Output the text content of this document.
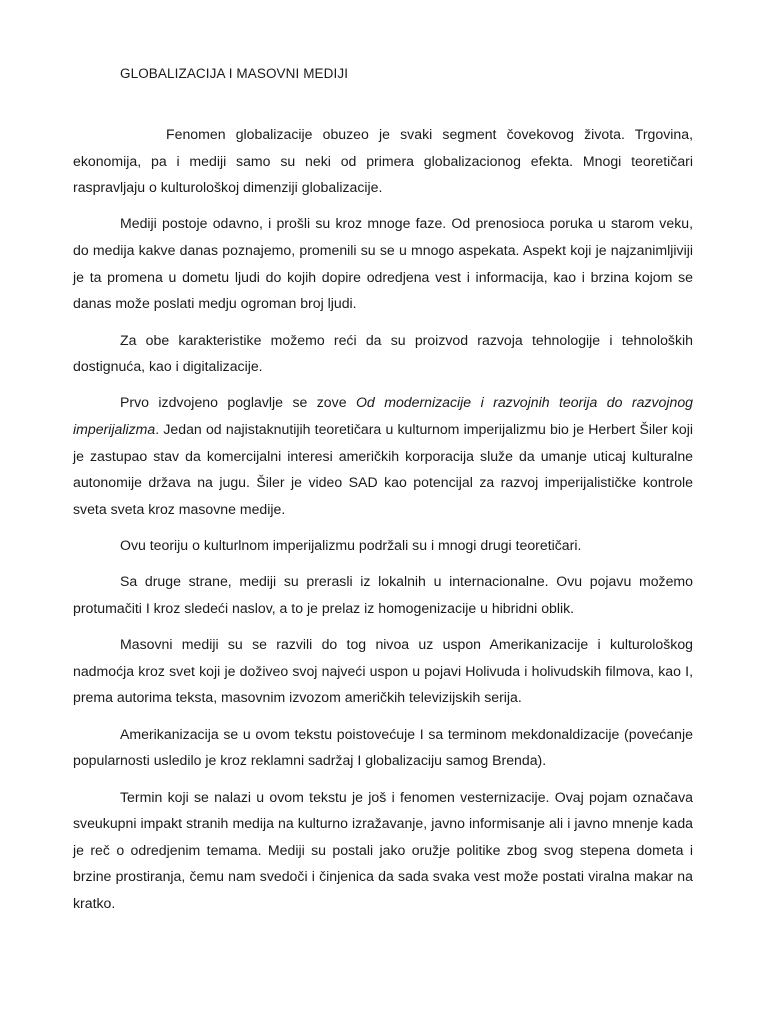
GLOBALIZACIJA I MASOVNI MEDIJI

Fenomen globalizacije obuzeo je svaki segment čovekovog života. Trgovina, ekonomija, pa i mediji samo su neki od primera globalizacionog efekta. Mnogi teoretičari raspravljaju o kulturološkoj dimenziji globalizacije.

Mediji postoje odavno, i prošli su kroz mnoge faze. Od prenosioca poruka u starom veku, do medija kakve danas poznajemo, promenili su se u mnogo aspekata. Aspekt koji je najzanimljiviji je ta promena u dometu ljudi do kojih dopire odredjena vest i informacija, kao i brzina kojom se danas može poslati medju ogroman broj ljudi.

Za obe karakteristike možemo reći da su proizvod razvoja tehnologije i tehnoloških dostignuća, kao i digitalizacije.

Prvo izdvojeno poglavlje se zove Od modernizacije i razvojnih teorija do razvojnog imperijalizma. Jedan od najistaknutijih teoretičara u kulturnom imperijalizmu bio je Herbert Šiler koji je zastupao stav da komercijalni interesi američkih korporacija služe da umanje uticaj kulturalne autonomije država na jugu. Šiler je video SAD kao potencijal za razvoj imperijalističke kontrole sveta sveta kroz masovne medije.

Ovu teoriju o kulturlnom imperijalizmu podržali su i mnogi drugi teoretičari.

Sa druge strane, mediji su prerasli iz lokalnih u internacionalne. Ovu pojavu možemo protumačiti I kroz sledeći naslov, a to je prelaz iz homogenizacije u hibridni oblik.

Masovni mediji su se razvili do tog nivoa uz uspon Amerikanizacije i kulturološkog nadmoćja kroz svet koji je doživeo svoj najveći uspon u pojavi Holivuda i holivudskih filmova, kao I, prema autorima teksta, masovnim izvozom američkih televizijskih serija.

Amerikanizacija se u ovom tekstu poistovećuje I sa terminom mekdonaldizacije (povećanje popularnosti usledilo je kroz reklamni sadržaj I globalizaciju samog Brenda).

Termin koji se nalazi u ovom tekstu je još i fenomen vesternizacije. Ovaj pojam označava sveukupni impakt stranih medija na kulturno izražavanje, javno informisanje ali i javno mnenje kada je reč o odredjenim temama. Mediji su postali jako oružje politike zbog svog stepena dometa i brzine prostiranja, čemu nam svedoči i činjenica da sada svaka vest može postati viralna makar na kratko.
